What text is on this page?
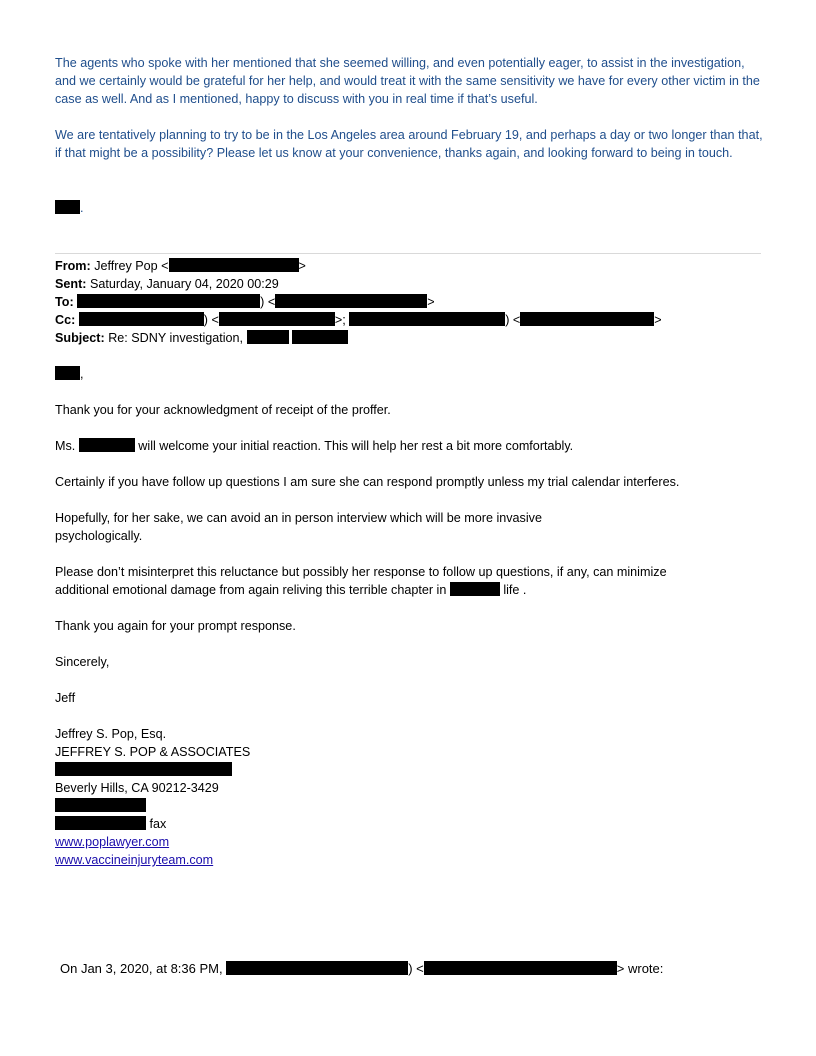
The agents who spoke with her mentioned that she seemed willing, and even potentially eager, to assist in the investigation, and we certainly would be grateful for her help, and would treat it with the same sensitivity we have for every other victim in the case as well. And as I mentioned, happy to discuss with you in real time if that’s useful.

We are tentatively planning to try to be in the Los Angeles area around February 19, and perhaps a day or two longer than that, if that might be a possibility? Please let us know at your convenience, thanks again, and looking forward to being in touch.

.
From: Jeffrey Pop <	>
Sent: Saturday, January 04, 2020 00:29
To:	) <	>
Cc:	) <	>;	) <	>
Subject: Re: SDNY investigation,
,
Thank you for your acknowledgment of receipt of the proffer.
Ms.	will welcome your initial reaction. This will help her rest a bit more comfortably.
Certainly if you have follow up questions I am sure she can respond promptly unless my trial calendar interferes.
Hopefully, for her sake, we can avoid an in person interview which will be more invasive
psychologically.
Please don’t misinterpret this reluctance but possibly her response to follow up questions, if any, can minimize
additional emotional damage from again reliving this terrible chapter in	life .
Thank you again for your prompt response.
Sincerely,
Jeff
Jeffrey S. Pop, Esq.
JEFFREY S. POP & ASSOCIATES
Beverly Hills, CA 90212-3429
fax
www.poplawyer.com
www.vaccineinjuryteam.com
On Jan 3, 2020, at 8:36 PM,	) <	> wrote:
